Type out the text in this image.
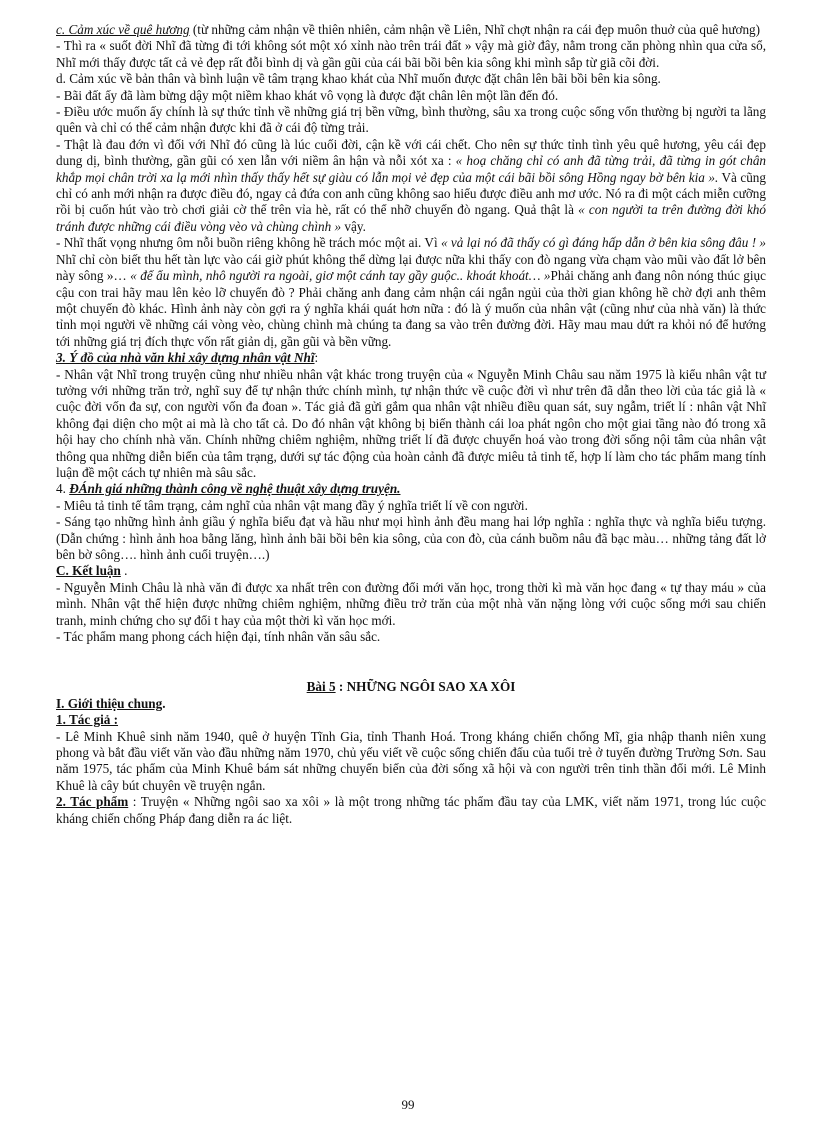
c. Cảm xúc về quê hương (từ những cảm nhận về thiên nhiên, cảm nhận về Liên, Nhĩ chợt nhận ra cái đẹp muôn thuở của quê hương)

- Thì ra « suốt đời Nhĩ đã từng đi tới không sót một xó xỉnh nào trên trái đất » vậy mà giờ đây, nằm trong căn phòng nhìn qua cửa sổ, Nhĩ mới thấy được tất cả vẻ đẹp rất đỗi bình dị và gần gũi của cái bãi bồi bên kia sông khi mình sắp từ giã cõi đời.

d. Cảm xúc về bản thân và bình luận về tâm trạng khao khát của Nhĩ muốn được đặt chân lên bãi bồi bên kia sông.

- Bãi đất ấy đã làm bừng dậy một niềm khao khát vô vọng là được đặt chân lên một lần đến đó.

- Điều ước muốn ấy chính là sự thức tỉnh về những giá trị bền vững, bình thường, sâu xa trong cuộc sống vốn thường bị người ta lãng quên và chỉ có thể cảm nhận được khi đã ở cái độ từng trải.

- Thật là đau đớn vì đối với Nhĩ đó cũng là lúc cuối đời, cận kề với cái chết. Cho nên sự thức tỉnh tình yêu quê hương, yêu cái đẹp dung dị, bình thường, gần gũi có xen lẫn với niềm ân hận và nỗi xót xa : « hoạ chăng chỉ có anh đã từng trải, đã từng in gót chân khắp mọi chân trời xa lạ mới nhìn thấy thấy hết sự giàu có lẫn mọi vẻ đẹp của một cái bãi bồi sông Hồng ngay bờ bên kia ». Và cũng chỉ có anh mới nhận ra được điều đó, ngay cả đứa con anh cũng không sao hiểu được điều anh mơ ước. Nó ra đi một cách miễn cưỡng rồi bị cuốn hút vào trò chơi giải cờ thế trên vỉa hè, rất có thể nhỡ chuyến đò ngang. Quả thật là « con người ta trên đường đời khó tránh được những cái điều vòng vèo và chùng chình » vậy.

- Nhĩ thất vọng nhưng ôm nỗi buồn riêng không hề trách móc một ai. Vì « vả lại nó đã thấy có gì đáng hấp dẫn ở bên kia sông đâu ! » Nhĩ chỉ còn biết thu hết tàn lực vào cái giờ phút không thể dừng lại được nữa khi thấy con đò ngang vừa chạm vào mũi vào đất lở bên này sông »… « để ẩu mình, nhô người ra ngoài, giơ một cánh tay gầy guộc.. khoát khoát… »Phải chăng anh đang nôn nóng thúc giục cậu con trai hãy mau lên kẻo lỡ chuyến đò ? Phải chăng anh đang cảm nhận cái ngắn ngủi của thời gian không hề chờ đợi anh thêm một chuyến đò khác. Hình ảnh này còn gợi ra ý nghĩa khái quát hơn nữa : đó là ý muốn của nhân vật (cũng như của nhà văn) là thức tỉnh mọi người về những cái vòng vèo, chùng chình mà chúng ta đang sa vào trên đường đời. Hãy mau mau dứt ra khỏi nó để hướng tới những giá trị đích thực vốn rất giản dị, gần gũi và bền vững.

3. Ý đồ của nhà văn khi xây dựng nhân vật Nhĩ:

- Nhân vật Nhĩ trong truyện cũng như nhiều nhân vật khác trong truyện của « Nguyễn Minh Châu sau năm 1975 là kiểu nhân vật tư tưởng với những trăn trở, nghĩ suy để tự nhận thức chính mình, tự nhận thức về cuộc đời vì như trên đã dẫn theo lời của tác giả là « cuộc đời vốn đa sự, con người vốn đa đoan ». Tác giả đã gửi gắm qua nhân vật nhiều điều quan sát, suy ngẫm, triết lí : nhân vật Nhĩ không đại diện cho một ai mà là cho tất cả. Do đó nhân vật không bị biến thành cái loa phát ngôn cho một giai tầng nào đó trong xã hội hay cho chính nhà văn. Chính những chiêm nghiệm, những triết lí đã được chuyển hoá vào trong đời sống nội tâm của nhân vật thông qua những diễn biến của tâm trạng, dưới sự tác động của hoàn cảnh đã được miêu tả tinh tế, hợp lí làm cho tác phẩm mang tính luận đề một cách tự nhiên mà sâu sắc.

4. ĐÁnh giá những thành công về nghệ thuật xây dựng truyện.

- Miêu tả tinh tế tâm trạng, cảm nghĩ của nhân vật mang đầy ý nghĩa triết lí về con người.

- Sáng tạo những hình ảnh giầu ý nghĩa biểu đạt và hầu như mọi hình ảnh đều mang hai lớp nghĩa : nghĩa thực và nghĩa biểu tượng. (Dẫn chứng : hình ảnh hoa bằng lăng, hình ảnh bãi bồi bên kia sông, của con đò, của cánh buồm nâu đã bạc màu… những tảng đất lở bên bờ sông…. hình ảnh cuối truyện….)

C. Kết luận .

- Nguyễn Minh Châu là nhà văn đi được xa nhất trên con đường đổi mới văn học, trong thời kì mà văn học đang « tự thay máu » của mình. Nhân vật thể hiện được những chiêm nghiệm, những điều trở trăn của một nhà văn nặng lòng với cuộc sống mới sau chiến tranh, minh chứng cho sự đổi t hay của một thời kì văn học mới.

- Tác phẩm mang phong cách hiện đại, tính nhân văn sâu sắc.

Bài 5 : NHỮNG NGÔI SAO XA XÔI

I. Giới thiệu chung.

1. Tác giả :

- Lê Minh Khuê sinh năm 1940, quê ở huyện Tĩnh Gia, tỉnh Thanh Hoá. Trong kháng chiến chống Mĩ, gia nhập thanh niên xung phong và bắt đầu viết văn vào đầu những năm 1970, chủ yếu viết về cuộc sống chiến đấu của tuổi trẻ ở tuyến đường Trường Sơn. Sau năm 1975, tác phẩm của Minh Khuê bám sát những chuyển biến của đời sống xã hội và con người trên tinh thần đổi mới. Lê Minh Khuê là cây bút chuyên về truyện ngắn.

2. Tác phẩm : Truyện « Những ngôi sao xa xôi » là một trong những tác phẩm đầu tay của LMK, viết năm 1971, trong lúc cuộc kháng chiến chống Pháp đang diễn ra ác liệt.

99
